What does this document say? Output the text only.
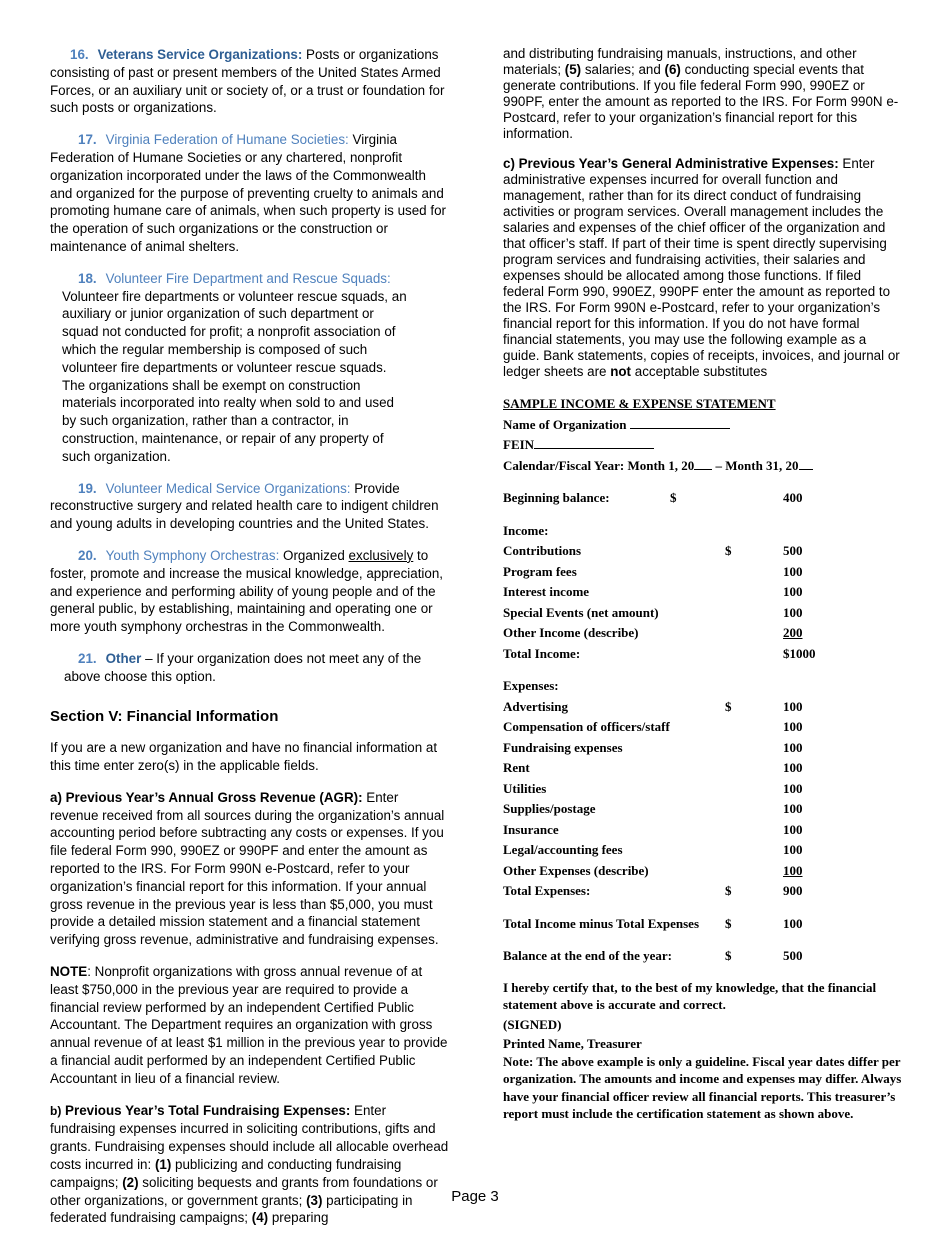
16. Veterans Service Organizations: Posts or organizations consisting of past or present members of the United States Armed Forces, or an auxiliary unit or society of, or a trust or foundation for such posts or organizations.
17. Virginia Federation of Humane Societies: Virginia Federation of Humane Societies or any chartered, nonprofit organization incorporated under the laws of the Commonwealth and organized for the purpose of preventing cruelty to animals and promoting humane care of animals, when such property is used for the operation of such organizations or the construction or maintenance of animal shelters.
18. Volunteer Fire Department and Rescue Squads:
Volunteer fire departments or volunteer rescue squads, an auxiliary or junior organization of such department or squad not conducted for profit; a nonprofit association of which the regular membership is composed of such volunteer fire departments or volunteer rescue squads. The organizations shall be exempt on construction materials incorporated into realty when sold to and used by such organization, rather than a contractor, in construction, maintenance, or repair of any property of such organization.
19. Volunteer Medical Service Organizations: Provide reconstructive surgery and related health care to indigent children and young adults in developing countries and the United States.
20. Youth Symphony Orchestras: Organized exclusively to foster, promote and increase the musical knowledge, appreciation, and experience and performing ability of young people and of the general public, by establishing, maintaining and operating one or more youth symphony orchestras in the Commonwealth.
21. Other – If your organization does not meet any of the above choose this option.
Section V: Financial Information

If you are a new organization and have no financial information at this time enter zero(s) in the applicable fields.

a) Previous Year’s Annual Gross Revenue (AGR): Enter revenue received from all sources during the organization’s annual accounting period before subtracting any costs or expenses. If you file federal Form 990, 990EZ or 990PF and enter the amount as reported to the IRS. For Form 990N e-Postcard, refer to your organization’s financial report for this information. If your annual gross revenue in the previous year is less than $5,000, you must provide a detailed mission statement and a financial statement verifying gross revenue, administrative and fundraising expenses.

NOTE: Nonprofit organizations with gross annual revenue of at least $750,000 in the previous year are required to provide a financial review performed by an independent Certified Public Accountant. The Department requires an organization with gross annual revenue of at least $1 million in the previous year to provide a financial audit performed by an independent Certified Public Accountant in lieu of a financial review.

b) Previous Year’s Total Fundraising Expenses: Enter fundraising expenses incurred in soliciting contributions, gifts and grants. Fundraising expenses should include all allocable overhead costs incurred in: (1) publicizing and conducting fundraising campaigns; (2) soliciting bequests and grants from foundations or other organizations, or government grants; (3) participating in federated fundraising campaigns; (4) preparing

and distributing fundraising manuals, instructions, and other materials; (5) salaries; and (6) conducting special events that generate contributions. If you file federal Form 990, 990EZ or 990PF, enter the amount as reported to the IRS. For Form 990N e-Postcard, refer to your organization’s financial report for this information.

c) Previous Year’s General Administrative Expenses: Enter administrative expenses incurred for overall function and management, rather than for its direct conduct of fundraising activities or program services. Overall management includes the salaries and expenses of the chief officer of the organization and that officer’s staff. If part of their time is spent directly supervising program services and fundraising activities, their salaries and expenses should be allocated among those functions. If filed federal Form 990, 990EZ, 990PF enter the amount as reported to the IRS. For Form 990N e-Postcard, refer to your organization’s financial report for this information. If you do not have formal financial statements, you may use the following example as a guide. Bank statements, copies of receipts, invoices, and journal or ledger sheets are not acceptable substitutes

SAMPLE INCOME & EXPENSE STATEMENT
Name of Organization
FEIN
Calendar/Fiscal Year: Month 1, 20 – Month 31, 20
Beginning balance:	$	400
Income:
Contributions	$	500
Program fees	100
Interest income	100
Special Events (net amount)	100
Other Income (describe)	200
Total Income:	$1000
Expenses:
Advertising	$	100
Compensation of officers/staff	100
Fundraising expenses	100
Rent	100
Utilities	100
Supplies/postage	100
Insurance	100
Legal/accounting fees	100
Other Expenses (describe)	100
Total Expenses:	$	900
Total Income minus Total Expenses	$	100
Balance at the end of the year:	$	500
I hereby certify that, to the best of my knowledge, that the financial statement above is accurate and correct.
(SIGNED)
Printed Name, Treasurer
Note: The above example is only a guideline. Fiscal year dates differ per organization. The amounts and income and expenses may differ. Always have your financial officer review all financial reports. This treasurer’s report must include the certification statement as shown above.
Page 3
